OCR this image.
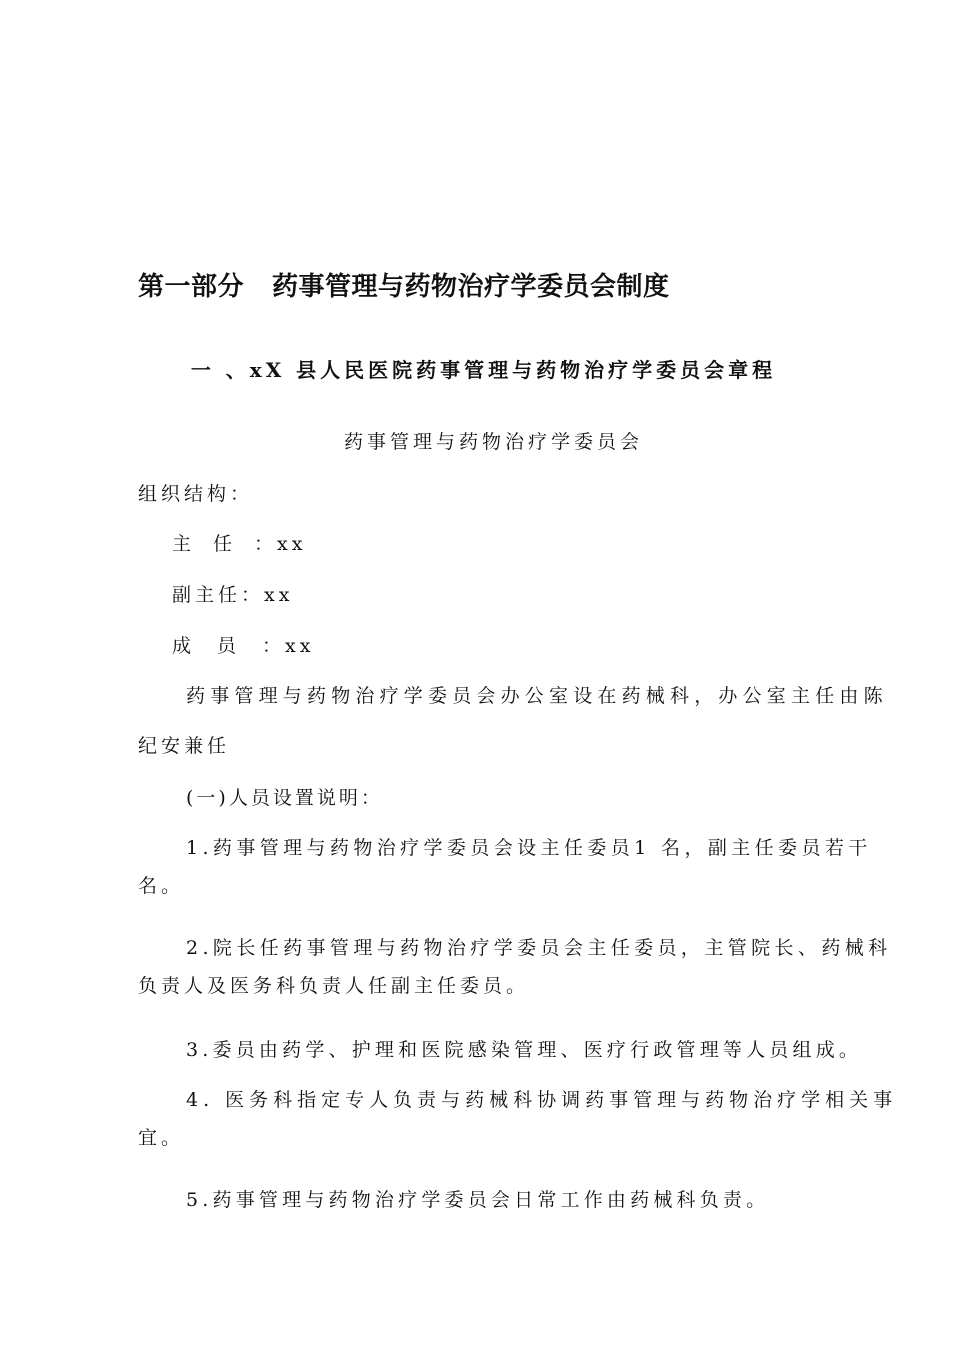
第一部分 药事管理与药物治疗学委员会制度
一 、xX 县人民医院药事管理与药物治疗学委员会章程
药事管理与药物治疗学委员会
组织结构：
主任：xx
副主任：xx
成员：xx
药事管理与药物治疗学委员会办公室设在药械科，办公室主任由陈
纪安兼任
(一)人员设置说明：
1.药事管理与药物治疗学委员会设主任委员1 名，副主任委员若干
名。
2.院长任药事管理与药物治疗学委员会主任委员，主管院长、药械科
负责人及医务科负责人任副主任委员。
3.委员由药学、护理和医院感染管理、医疗行政管理等人员组成。
4. 医务科指定专人负责与药械科协调药事管理与药物治疗学相关事
宜。
5.药事管理与药物治疗学委员会日常工作由药械科负责。
